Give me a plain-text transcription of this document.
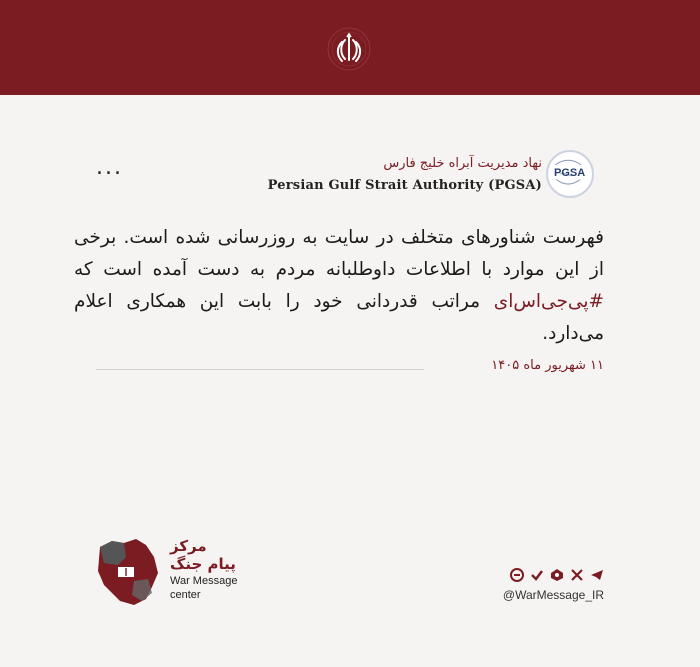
PGSA
نهاد مدیریت آبراه خلیج فارس
Persian Gulf Strait Authority (PGSA)
...
فهرست شناورهای متخلف در سایت به روزرسانی شده است. برخی از این موارد با اطلاعات داوطلبانه مردم به دست آمده است که #پی‌جی‌اس‌ای مراتب قدردانی خود را بابت این همکاری اعلام می‌دارد.
۱۱ شهریور ماه ۱۴۰۵
مرکز
پیام جنگ
War Message
center	@WarMessage_IR
